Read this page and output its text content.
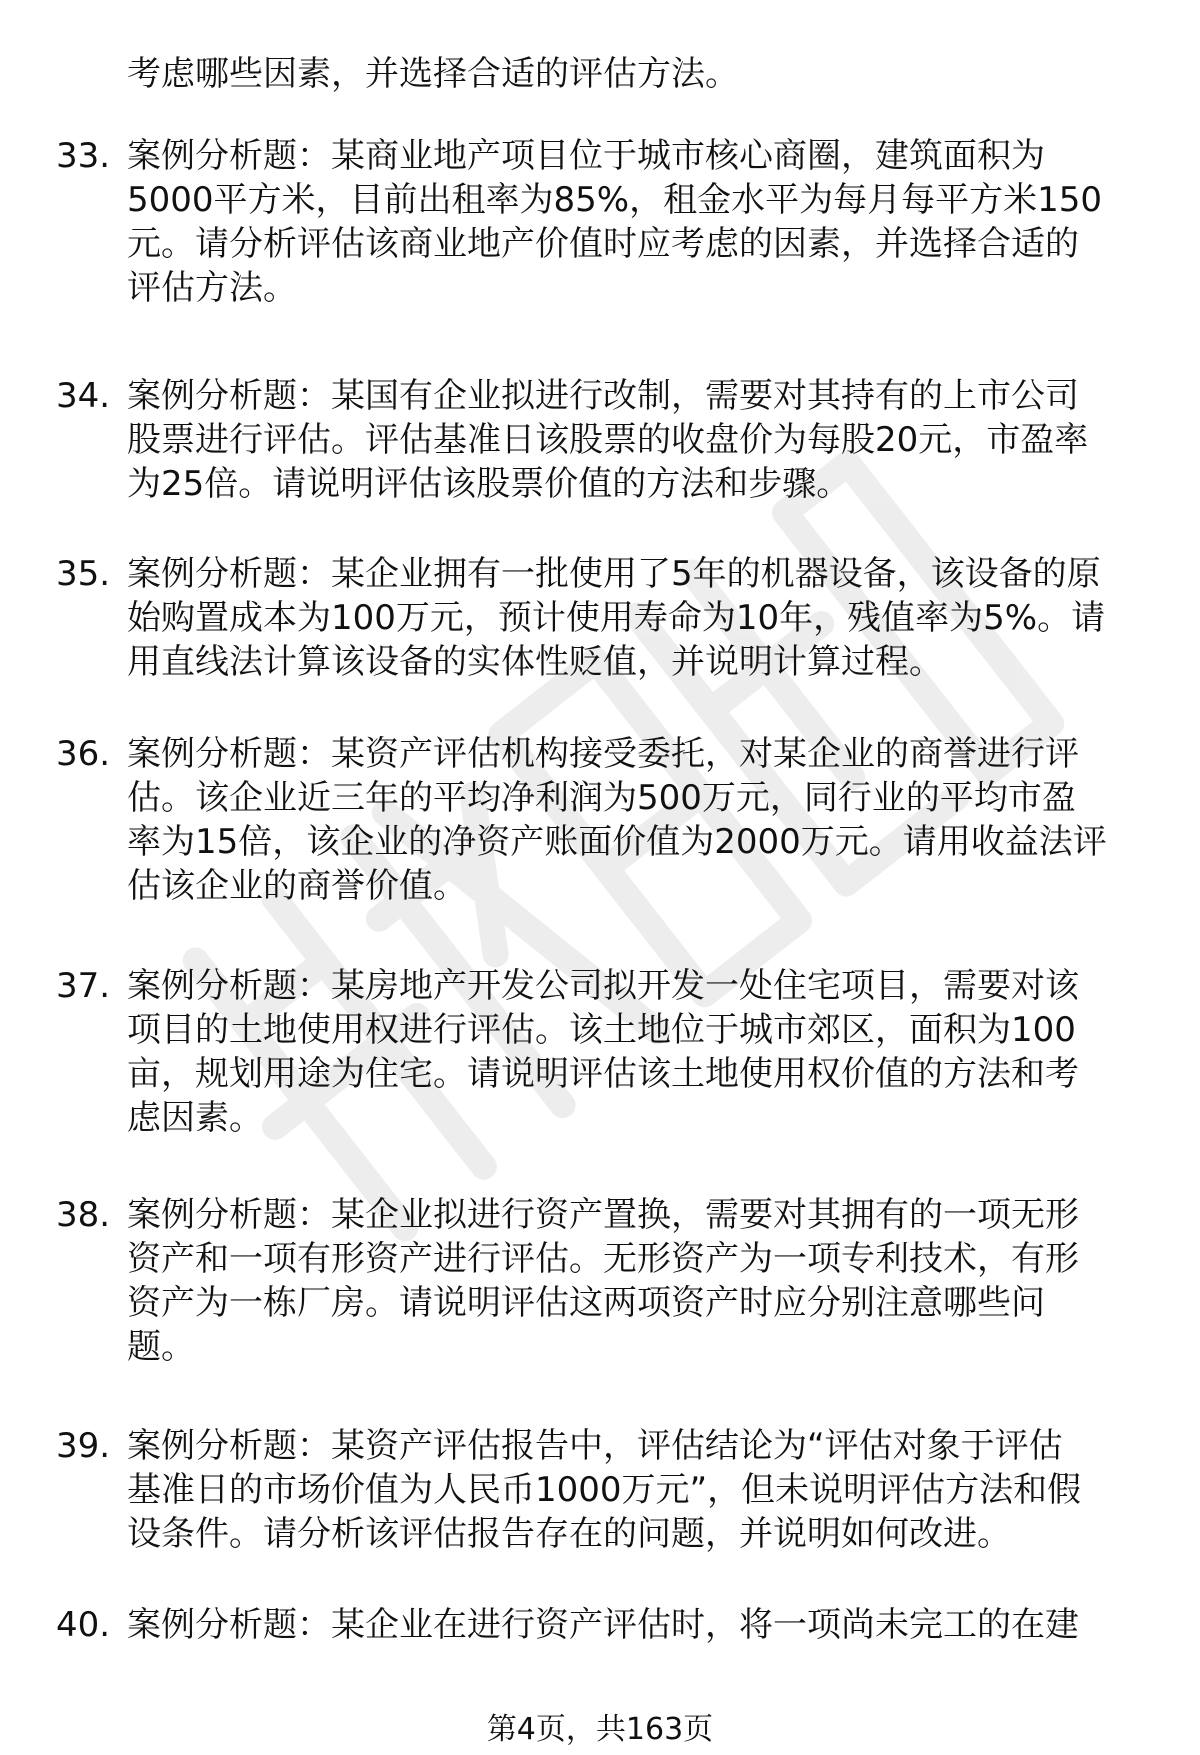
考虑哪些因素，并选择合适的评估方法。
33. 案例分析题：某商业地产项目位于城市核心商圈，建筑面积为
5000平方米，目前出租率为85%，租金水平为每月每平方米150
元。请分析评估该商业地产价值时应考虑的因素，并选择合适的
评估方法。
34. 案例分析题：某国有企业拟进行改制，需要对其持有的上市公司
股票进行评估。评估基准日该股票的收盘价为每股20元，市盈率
为25倍。请说明评估该股票价值的方法和步骤。
35. 案例分析题：某企业拥有一批使用了5年的机器设备，该设备的原
始购置成本为100万元，预计使用寿命为10年，残值率为5%。请
用直线法计算该设备的实体性贬值，并说明计算过程。
36. 案例分析题：某资产评估机构接受委托，对某企业的商誉进行评
估。该企业近三年的平均净利润为500万元，同行业的平均市盈
率为15倍，该企业的净资产账面价值为2000万元。请用收益法评
估该企业的商誉价值。
37. 案例分析题：某房地产开发公司拟开发一处住宅项目，需要对该
项目的土地使用权进行评估。该土地位于城市郊区，面积为100
亩，规划用途为住宅。请说明评估该土地使用权价值的方法和考
虑因素。
38. 案例分析题：某企业拟进行资产置换，需要对其拥有的一项无形
资产和一项有形资产进行评估。无形资产为一项专利技术，有形
资产为一栋厂房。请说明评估这两项资产时应分别注意哪些问
题。
39. 案例分析题：某资产评估报告中，评估结论为“评估对象于评估
基准日的市场价值为人民币1000万元”，但未说明评估方法和假
设条件。请分析该评估报告存在的问题，并说明如何改进。
40. 案例分析题：某企业在进行资产评估时，将一项尚未完工的在建
第4页，共163页
